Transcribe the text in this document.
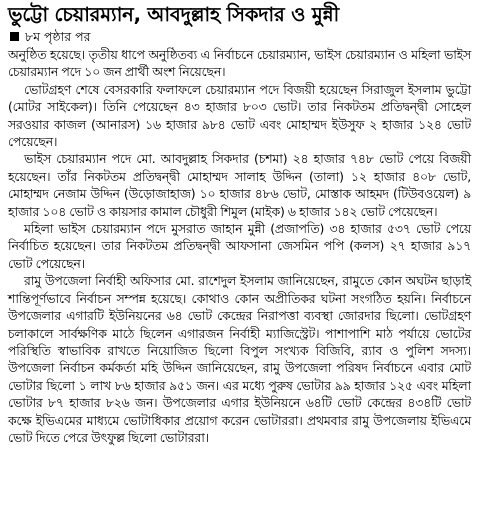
ভুট্টো চেয়ারম্যান, আবদুল্লাহ সিকদার ও মুন্নী
৮ম পৃষ্ঠার পর

অনুষ্ঠিত হয়েছে। তৃতীয় ধাপে অনুষ্ঠিতব্য এ নির্বাচনে চেয়ারম্যান, ভাইস চেয়ারম্যান ও মহিলা ভাইস চেয়ারম্যান পদে ১০ জন প্রার্থী অংশ নিয়েছেন।

ভোটগ্রহণ শেষে বেসরকারি ফলাফলে চেয়ারম্যান পদে বিজয়ী হয়েছেন সিরাজুল ইসলাম ভুট্টো (মোটর সাইকেল)। তিনি পেয়েছেন ৪৩ হাজার ৮০৩ ভোট। তার নিকটতম প্রতিদ্বন্দ্বী সোহেল সরওয়ার কাজল (আনারস) ১৬ হাজার ৯৮৪ ভোট এবং মোহাম্মদ ইউসুফ ২ হাজার ১২৪ ভোট পেয়েছেন।

ভাইস চেয়ারম্যান পদে মো. আবদুল্লাহ সিকদার (চশমা) ২৪ হাজার ৭৪৮ ভোট পেয়ে বিজয়ী হয়েছেন। তাঁর নিকটতম প্রতিদ্বন্দ্বী মোহাম্মদ সালাহ উদ্দিন (তালা) ১২ হাজার ৪০৮ ভোট, মোহাম্মদ নেজাম উদ্দিন (উড়োজাহাজ) ১০ হাজার ৪৮৬ ভোট, মোস্তাক আহমদ (টিউবওয়েল) ৯ হাজার ১০৪ ভোট ও কায়সার কামাল চৌধুরী শিমুল (মাইক) ৬ হাজার ১৪২ ভোট পেয়েছেন।

মহিলা ভাইস চেয়ারম্যান পদে মুসরাত জাহান মুন্নী (প্রজাপতি) ৩৪ হাজার ৫৩৭ ভোট পেয়ে নির্বাচিত হয়েছেন। তার নিকটতম প্রতিদ্বন্দ্বী আফসানা জেসমিন পপি (কলস) ২৭ হাজার ৯১৭ ভোট পেয়েছেন।

রামু উপজেলা নির্বাহী অফিসার মো. রাশেদুল ইসলাম জানিয়েছেন, রামুতে কোন অঘটন ছাড়াই শান্তিপূর্ণভাবে নির্বাচন সম্পন্ন হয়েছে। কোথাও কোন অপ্রীতিকর ঘটনা সংগঠিত হয়নি। নির্বাচনে উপজেলার এগারটি ইউনিয়নের ৬৪ ভোট কেন্দ্রের নিরাপত্তা ব্যবস্থা জোরদার ছিলো। ভোটগ্রহণ চলাকালে সার্বক্ষণিক মাঠে ছিলেন এগারজন নির্বাহী ম্যাজিস্ট্রেট। পাশাপাশি মাঠ পর্যায়ে ভোটের পরিস্থিতি স্বাভাবিক রাখতে নিয়োজিত ছিলো বিপুল সংখ্যক বিজিবি, র‌্যাব ও পুলিশ সদস্য। উপজেলা নির্বাচন কর্মকর্তা মহি উদ্দিন জানিয়েছেন, রামু উপজেলা পরিষদ নির্বাচনে এবার মোট ভোটার ছিলো ১ লাখ ৮৬ হাজার ৯৫১ জন। এর মধ্যে পুরুষ ভোটার ৯৯ হাজার ১২৫ এবং মহিলা ভোটার ৮৭ হাজার ৮২৬ জন। উপজেলার এগার ইউনিয়নে ৬৪টি ভোট কেন্দ্রের ৪৩৪টি ভোট কক্ষে ইভিএমের মাধ্যমে ভোটাধিকার প্রয়োগ করেন ভোটাররা। প্রথমবার রামু উপজেলায় ইভিএমে ভোট দিতে পেরে উৎফুল্ল ছিলো ভোটাররা।
